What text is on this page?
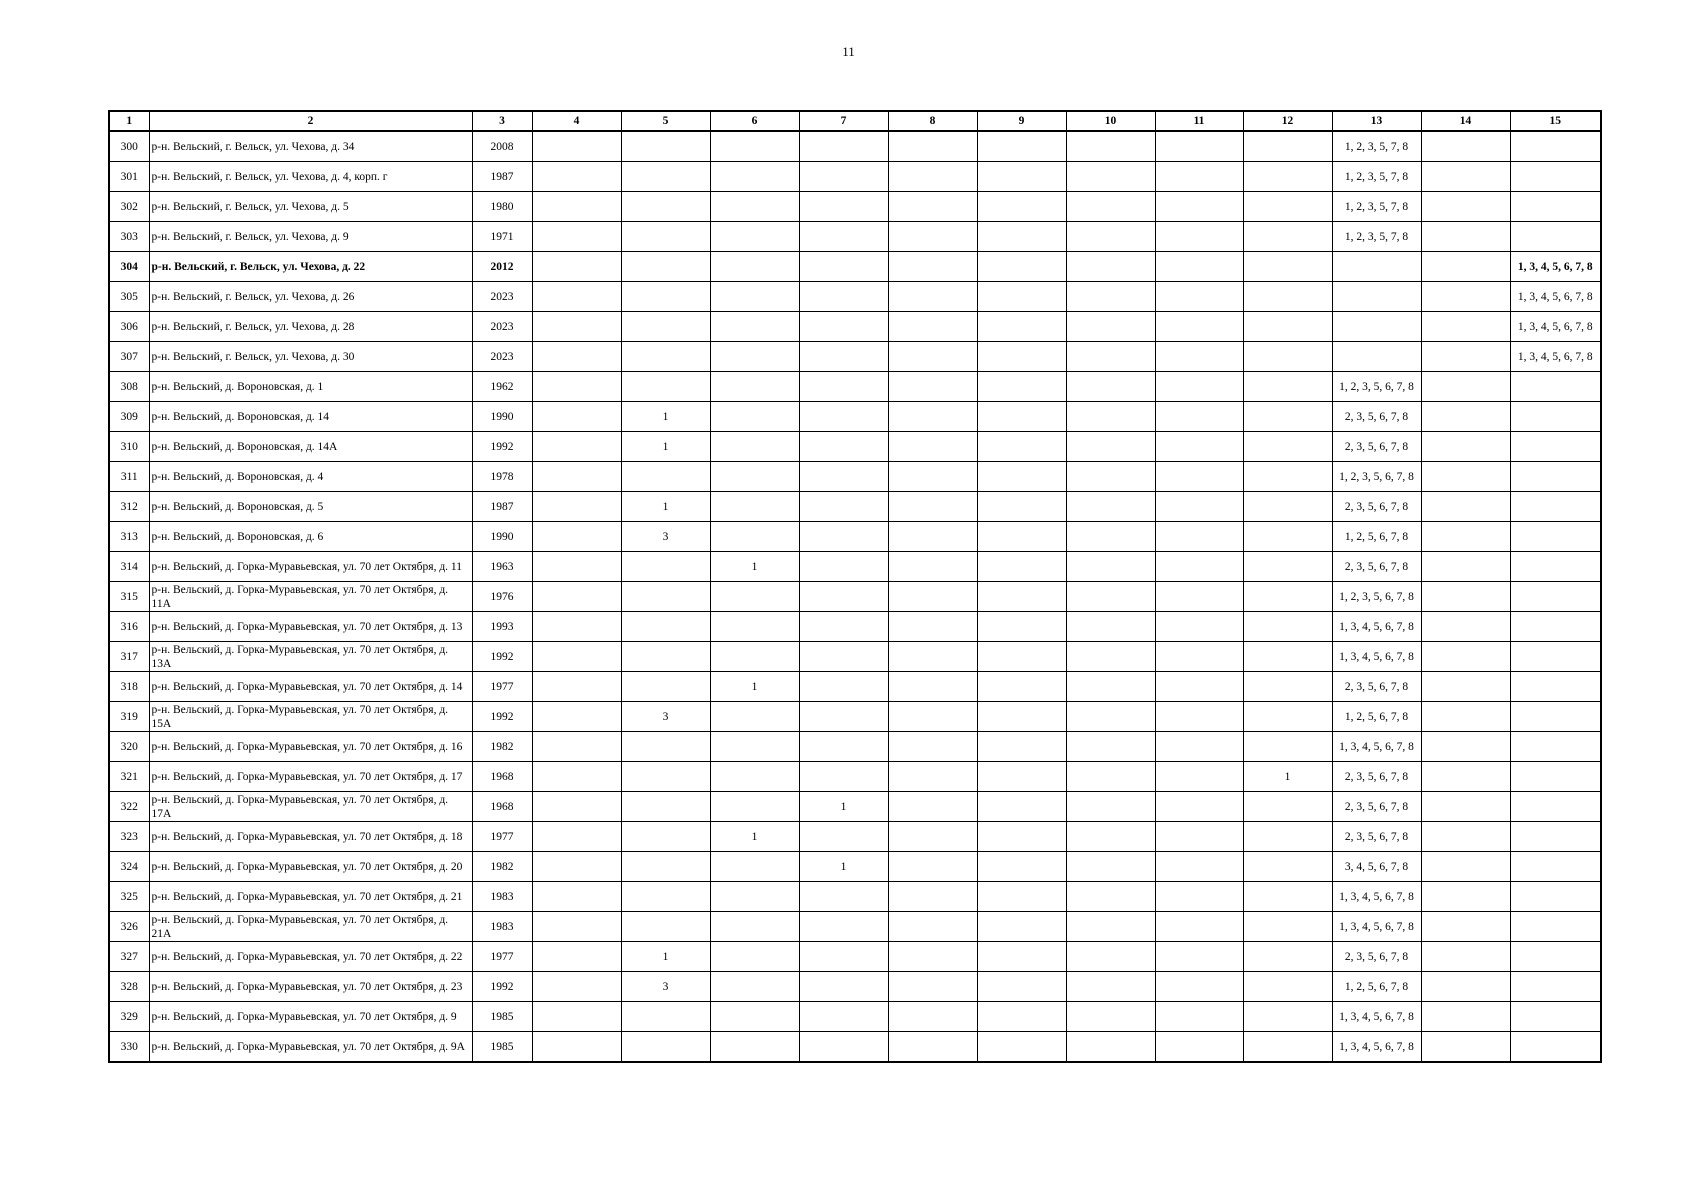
11
1	2	3	4	5	6	7	8	9	10	11	12	13	14	15
300	р-н. Вельский, г. Вельск, ул. Чехова, д. 34	2008										1, 2, 3, 5, 7, 8		
301	р-н. Вельский, г. Вельск, ул. Чехова, д. 4, корп. г	1987										1, 2, 3, 5, 7, 8		
302	р-н. Вельский, г. Вельск, ул. Чехова, д. 5	1980										1, 2, 3, 5, 7, 8		
303	р-н. Вельский, г. Вельск, ул. Чехова, д. 9	1971										1, 2, 3, 5, 7, 8		
304	р-н. Вельский, г. Вельск, ул. Чехова, д. 22	2012												1, 3, 4, 5, 6, 7, 8
305	р-н. Вельский, г. Вельск, ул. Чехова, д. 26	2023												1, 3, 4, 5, 6, 7, 8
306	р-н. Вельский, г. Вельск, ул. Чехова, д. 28	2023												1, 3, 4, 5, 6, 7, 8
307	р-н. Вельский, г. Вельск, ул. Чехова, д. 30	2023												1, 3, 4, 5, 6, 7, 8
308	р-н. Вельский, д. Вороновская, д. 1	1962										1, 2, 3, 5, 6, 7, 8		
309	р-н. Вельский, д. Вороновская, д. 14	1990		1								2, 3, 5, 6, 7, 8		
310	р-н. Вельский, д. Вороновская, д. 14А	1992		1								2, 3, 5, 6, 7, 8		
311	р-н. Вельский, д. Вороновская, д. 4	1978										1, 2, 3, 5, 6, 7, 8		
312	р-н. Вельский, д. Вороновская, д. 5	1987		1								2, 3, 5, 6, 7, 8		
313	р-н. Вельский, д. Вороновская, д. 6	1990		3								1, 2, 5, 6, 7, 8		
314	р-н. Вельский, д. Горка-Муравьевская, ул. 70 лет Октября, д. 11	1963			1							2, 3, 5, 6, 7, 8		
315	р-н. Вельский, д. Горка-Муравьевская, ул. 70 лет Октября, д. 11А	1976										1, 2, 3, 5, 6, 7, 8		
316	р-н. Вельский, д. Горка-Муравьевская, ул. 70 лет Октября, д. 13	1993										1, 3, 4, 5, 6, 7, 8		
317	р-н. Вельский, д. Горка-Муравьевская, ул. 70 лет Октября, д. 13А	1992										1, 3, 4, 5, 6, 7, 8		
318	р-н. Вельский, д. Горка-Муравьевская, ул. 70 лет Октября, д. 14	1977			1							2, 3, 5, 6, 7, 8		
319	р-н. Вельский, д. Горка-Муравьевская, ул. 70 лет Октября, д. 15А	1992		3								1, 2, 5, 6, 7, 8		
320	р-н. Вельский, д. Горка-Муравьевская, ул. 70 лет Октября, д. 16	1982										1, 3, 4, 5, 6, 7, 8		
321	р-н. Вельский, д. Горка-Муравьевская, ул. 70 лет Октября, д. 17	1968									1	2, 3, 5, 6, 7, 8		
322	р-н. Вельский, д. Горка-Муравьевская, ул. 70 лет Октября, д. 17А	1968				1						2, 3, 5, 6, 7, 8		
323	р-н. Вельский, д. Горка-Муравьевская, ул. 70 лет Октября, д. 18	1977			1							2, 3, 5, 6, 7, 8		
324	р-н. Вельский, д. Горка-Муравьевская, ул. 70 лет Октября, д. 20	1982				1						3, 4, 5, 6, 7, 8		
325	р-н. Вельский, д. Горка-Муравьевская, ул. 70 лет Октября, д. 21	1983										1, 3, 4, 5, 6, 7, 8		
326	р-н. Вельский, д. Горка-Муравьевская, ул. 70 лет Октября, д. 21А	1983										1, 3, 4, 5, 6, 7, 8		
327	р-н. Вельский, д. Горка-Муравьевская, ул. 70 лет Октября, д. 22	1977		1								2, 3, 5, 6, 7, 8		
328	р-н. Вельский, д. Горка-Муравьевская, ул. 70 лет Октября, д. 23	1992		3								1, 2, 5, 6, 7, 8		
329	р-н. Вельский, д. Горка-Муравьевская, ул. 70 лет Октября, д. 9	1985										1, 3, 4, 5, 6, 7, 8		
330	р-н. Вельский, д. Горка-Муравьевская, ул. 70 лет Октября, д. 9А	1985										1, 3, 4, 5, 6, 7, 8		
